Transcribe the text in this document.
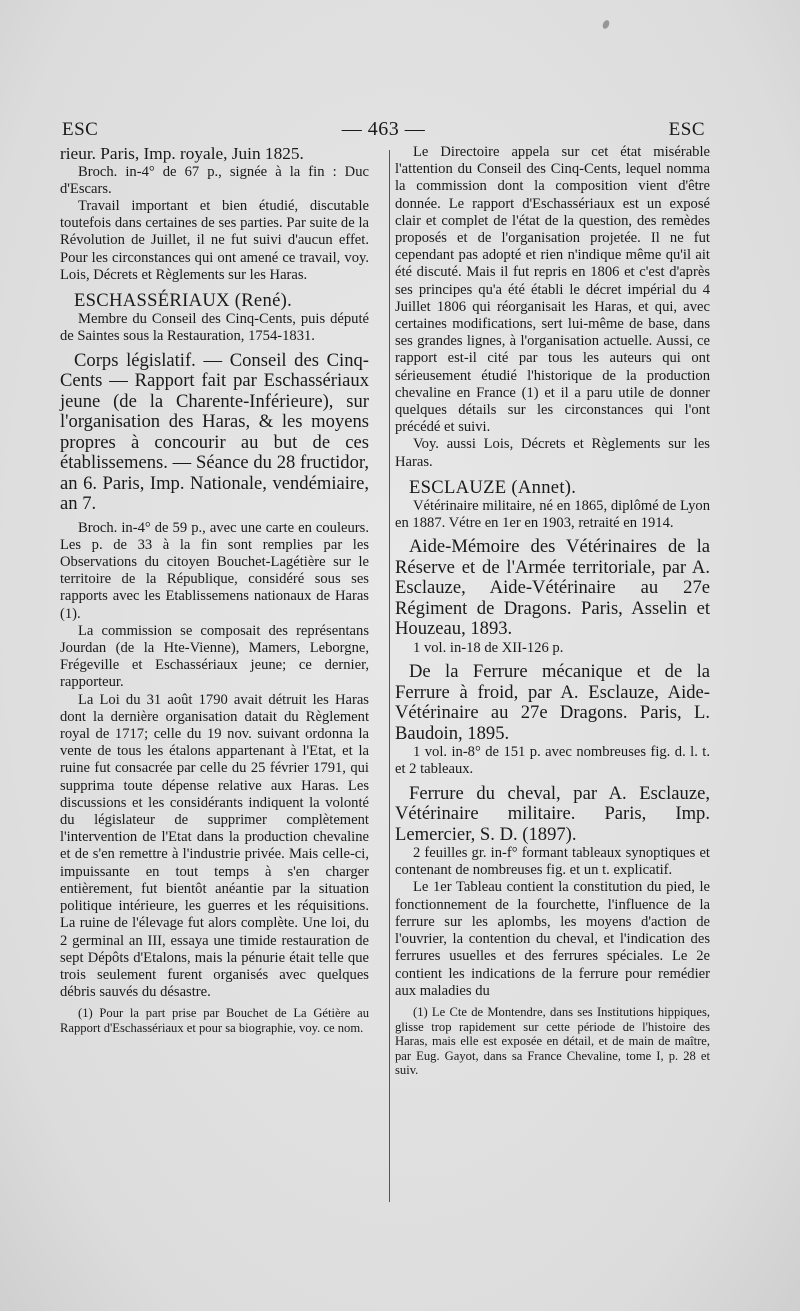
ESC	— 463 —	ESC

rieur. Paris, Imp. royale, Juin 1825.

Broch. in-4° de 67 p., signée à la fin : Duc d'Escars.

Travail important et bien étudié, discutable toutefois dans certaines de ses parties. Par suite de la Révolution de Juillet, il ne fut suivi d'aucun effet. Pour les circonstances qui ont amené ce travail, voy. Lois, Décrets et Règlements sur les Haras.

ESCHASSÉRIAUX (René).

Membre du Conseil des Cinq-Cents, puis député de Saintes sous la Restauration, 1754-1831.

Corps législatif. — Conseil des Cinq-Cents — Rapport fait par Eschassériaux jeune (de la Charente-Inférieure), sur l'organisation des Haras, & les moyens propres à concourir au but de ces établissemens. — Séance du 28 fructidor, an 6. Paris, Imp. Nationale, vendémiaire, an 7.

Broch. in-4° de 59 p., avec une carte en couleurs. Les p. de 33 à la fin sont remplies par les Observations du citoyen Bouchet-Lagétière sur le territoire de la République, considéré sous ses rapports avec les Etablissemens nationaux de Haras (1).

La commission se composait des représentans Jourdan (de la Hte-Vienne), Mamers, Leborgne, Frégeville et Eschassériaux jeune; ce dernier, rapporteur.

La Loi du 31 août 1790 avait détruit les Haras dont la dernière organisation datait du Règlement royal de 1717; celle du 19 nov. suivant ordonna la vente de tous les étalons appartenant à l'Etat, et la ruine fut consacrée par celle du 25 février 1791, qui supprima toute dépense relative aux Haras. Les discussions et les considérants indiquent la volonté du législateur de supprimer complètement l'intervention de l'Etat dans la production chevaline et de s'en remettre à l'industrie privée. Mais celle-ci, impuissante en tout temps à s'en charger entièrement, fut bientôt anéantie par la situation politique intérieure, les guerres et les réquisitions. La ruine de l'élevage fut alors complète. Une loi, du 2 germinal an III, essaya une timide restauration de sept Dépôts d'Etalons, mais la pénurie était telle que trois seulement furent organisés avec quelques débris sauvés du désastre.

(1) Pour la part prise par Bouchet de La Gétière au Rapport d'Eschassériaux et pour sa biographie, voy. ce nom.

Le Directoire appela sur cet état misérable l'attention du Conseil des Cinq-Cents, lequel nomma la commission dont la composition vient d'être donnée. Le rapport d'Eschassériaux est un exposé clair et complet de l'état de la question, des remèdes proposés et de l'organisation projetée. Il ne fut cependant pas adopté et rien n'indique même qu'il ait été discuté. Mais il fut repris en 1806 et c'est d'après ses principes qu'a été établi le décret impérial du 4 Juillet 1806 qui réorganisait les Haras, et qui, avec certaines modifications, sert lui-même de base, dans ses grandes lignes, à l'organisation actuelle. Aussi, ce rapport est-il cité par tous les auteurs qui ont sérieusement étudié l'historique de la production chevaline en France (1) et il a paru utile de donner quelques détails sur les circonstances qui l'ont précédé et suivi.

Voy. aussi Lois, Décrets et Règlements sur les Haras.

ESCLAUZE (Annet).

Vétérinaire militaire, né en 1865, diplômé de Lyon en 1887. Vétre en 1er en 1903, retraité en 1914.

Aide-Mémoire des Vétérinaires de la Réserve et de l'Armée territoriale, par A. Esclauze, Aide-Vétérinaire au 27e Régiment de Dragons. Paris, Asselin et Houzeau, 1893.

1 vol. in-18 de XII-126 p.

De la Ferrure mécanique et de la Ferrure à froid, par A. Esclauze, Aide-Vétérinaire au 27e Dragons. Paris, L. Baudoin, 1895.

1 vol. in-8° de 151 p. avec nombreuses fig. d. l. t. et 2 tableaux.

Ferrure du cheval, par A. Esclauze, Vétérinaire militaire. Paris, Imp. Lemercier, S. D. (1897).

2 feuilles gr. in-f° formant tableaux synoptiques et contenant de nombreuses fig. et un t. explicatif.

Le 1er Tableau contient la constitution du pied, le fonctionnement de la fourchette, l'influence de la ferrure sur les aplombs, les moyens d'action de l'ouvrier, la contention du cheval, et l'indication des ferrures usuelles et des ferrures spéciales. Le 2e contient les indications de la ferrure pour remédier aux maladies du

(1) Le Cte de Montendre, dans ses Institutions hippiques, glisse trop rapidement sur cette période de l'histoire des Haras, mais elle est exposée en détail, et de main de maître, par Eug. Gayot, dans sa France Chevaline, tome I, p. 28 et suiv.
